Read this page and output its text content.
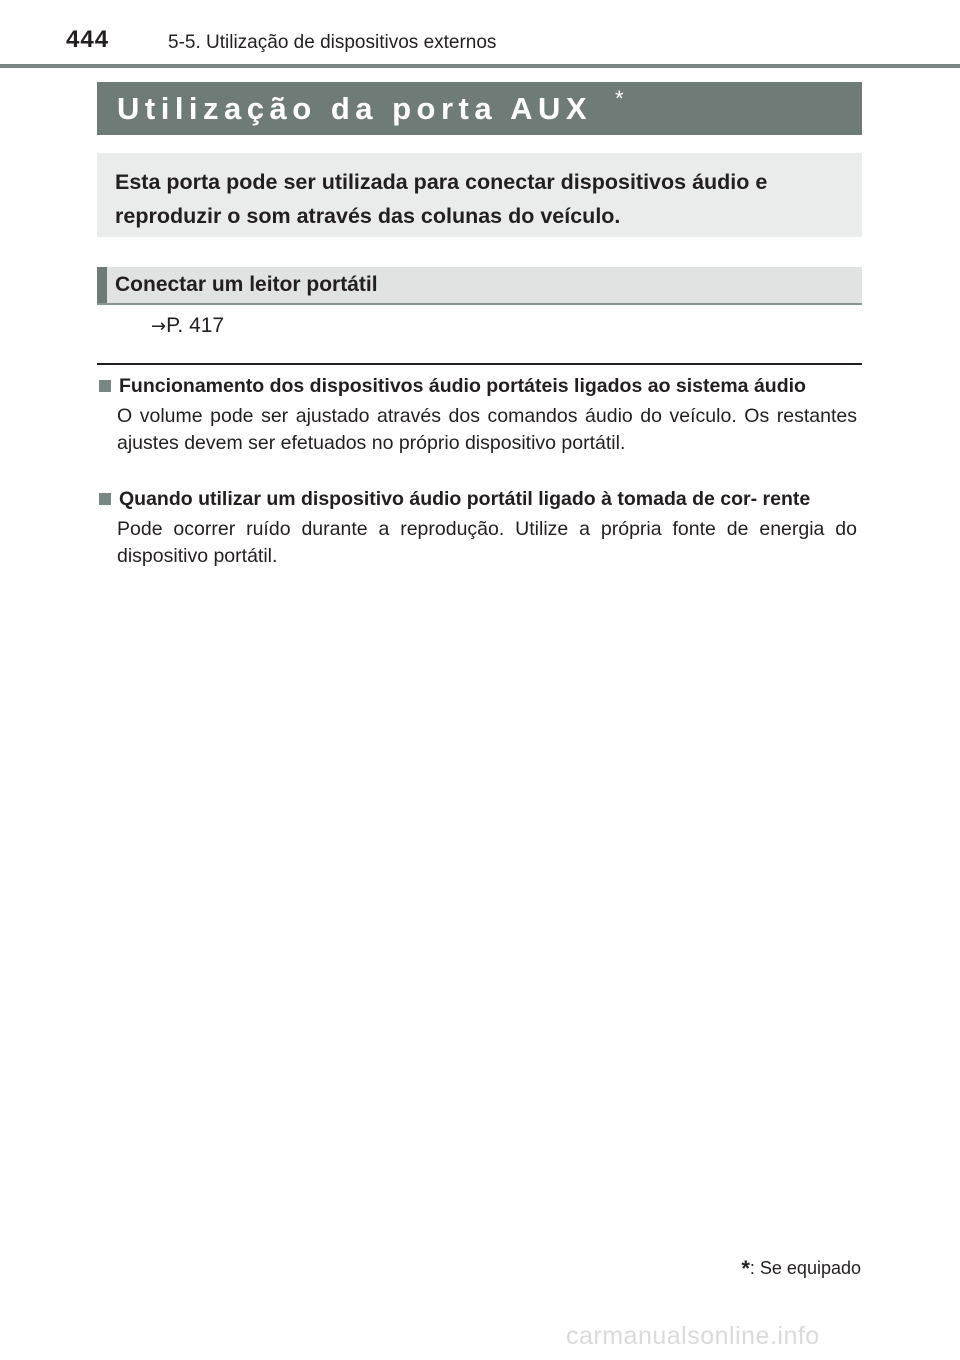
444	5-5. Utilização de dispositivos externos
Utilização da porta AUX *
Esta porta pode ser utilizada para conectar dispositivos áudio e reproduzir o som através das colunas do veículo.
Conectar um leitor portátil
→P. 417
Funcionamento dos dispositivos áudio portáteis ligados ao sistema áudio
O volume pode ser ajustado através dos comandos áudio do veículo. Os restantes ajustes devem ser efetuados no próprio dispositivo portátil.
Quando utilizar um dispositivo áudio portátil ligado à tomada de cor- rente
Pode ocorrer ruído durante a reprodução. Utilize a própria fonte de energia do dispositivo portátil.
*: Se equipado
carmanualsonline.info
